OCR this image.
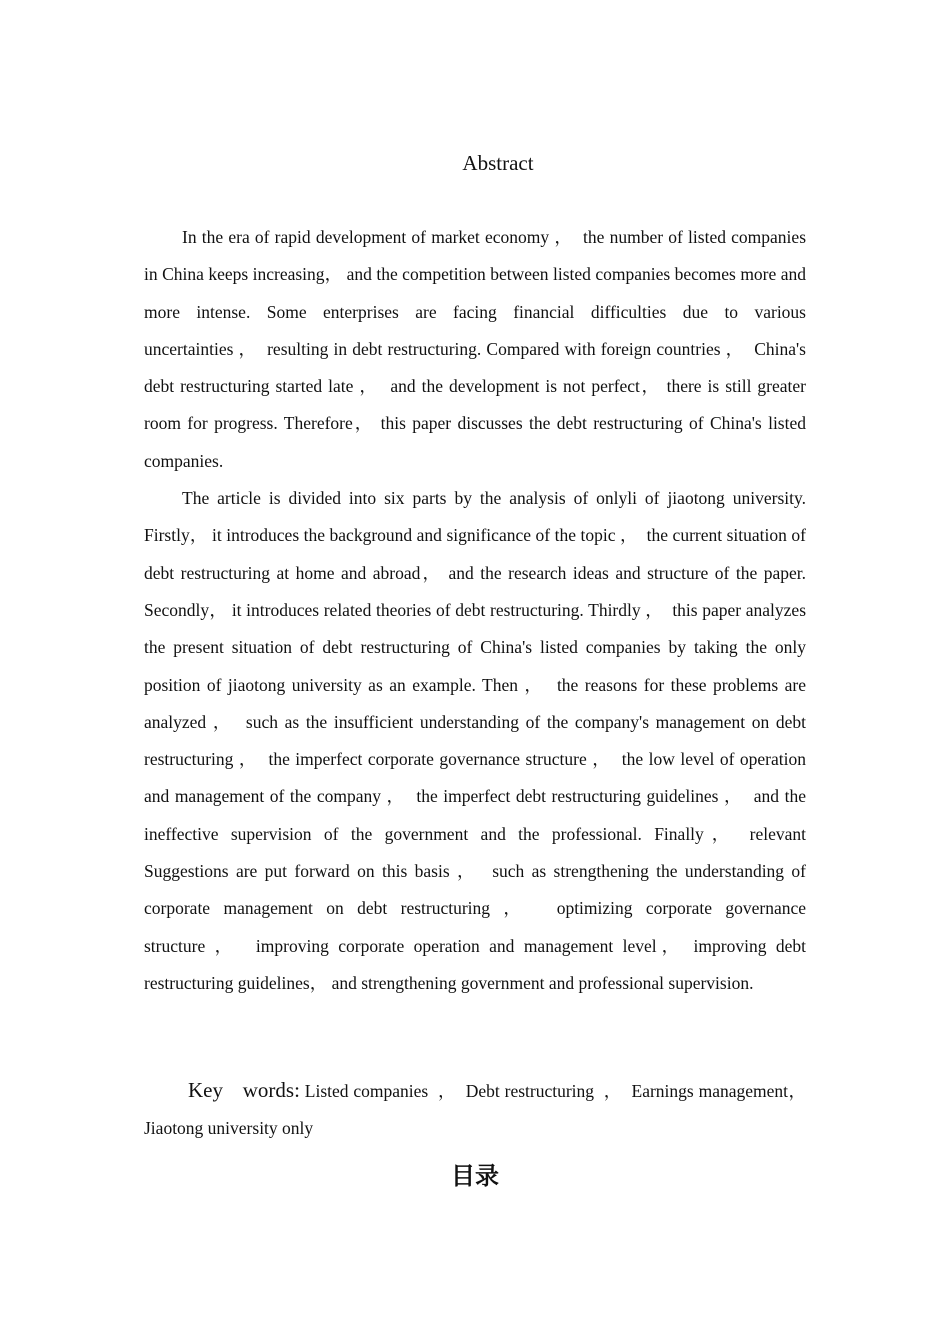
Abstract

In the era of rapid development of market economy ，  the number of listed companies in China keeps increasing， and the competition between listed companies becomes more and more intense. Some enterprises are facing financial difficulties due to various uncertainties ，  resulting in debt restructuring. Compared with foreign countries ，  China's debt restructuring started late ，  and the development is not perfect， there is still greater room for progress. Therefore， this paper discusses the debt restructuring of China's listed companies.

The article is divided into six parts by the analysis of onlyli of jiaotong university. Firstly， it introduces the background and significance of the topic ，  the current situation of debt restructuring at home and abroad， and the research ideas and structure of the paper. Secondly， it introduces related theories of debt restructuring. Thirdly ，  this paper analyzes the present situation of debt restructuring of China's listed companies by taking the only position of jiaotong university as an example. Then ，  the reasons for these problems are analyzed ，  such as the insufficient understanding of the company's management on debt restructuring ，  the imperfect corporate governance structure ，  the low level of operation and management of the company ，  the imperfect debt restructuring guidelines ，  and the ineffective supervision of the government and the professional. Finally， relevant Suggestions are put forward on this basis ，  such as strengthening the understanding of corporate management on debt restructuring ，  optimizing corporate governance structure ，  improving corporate operation and management level， improving debt restructuring guidelines， and strengthening government and professional supervision.

Key words: Listed companies  ，  Debt restructuring  ，  Earnings management，Jiaotong university only

目录
